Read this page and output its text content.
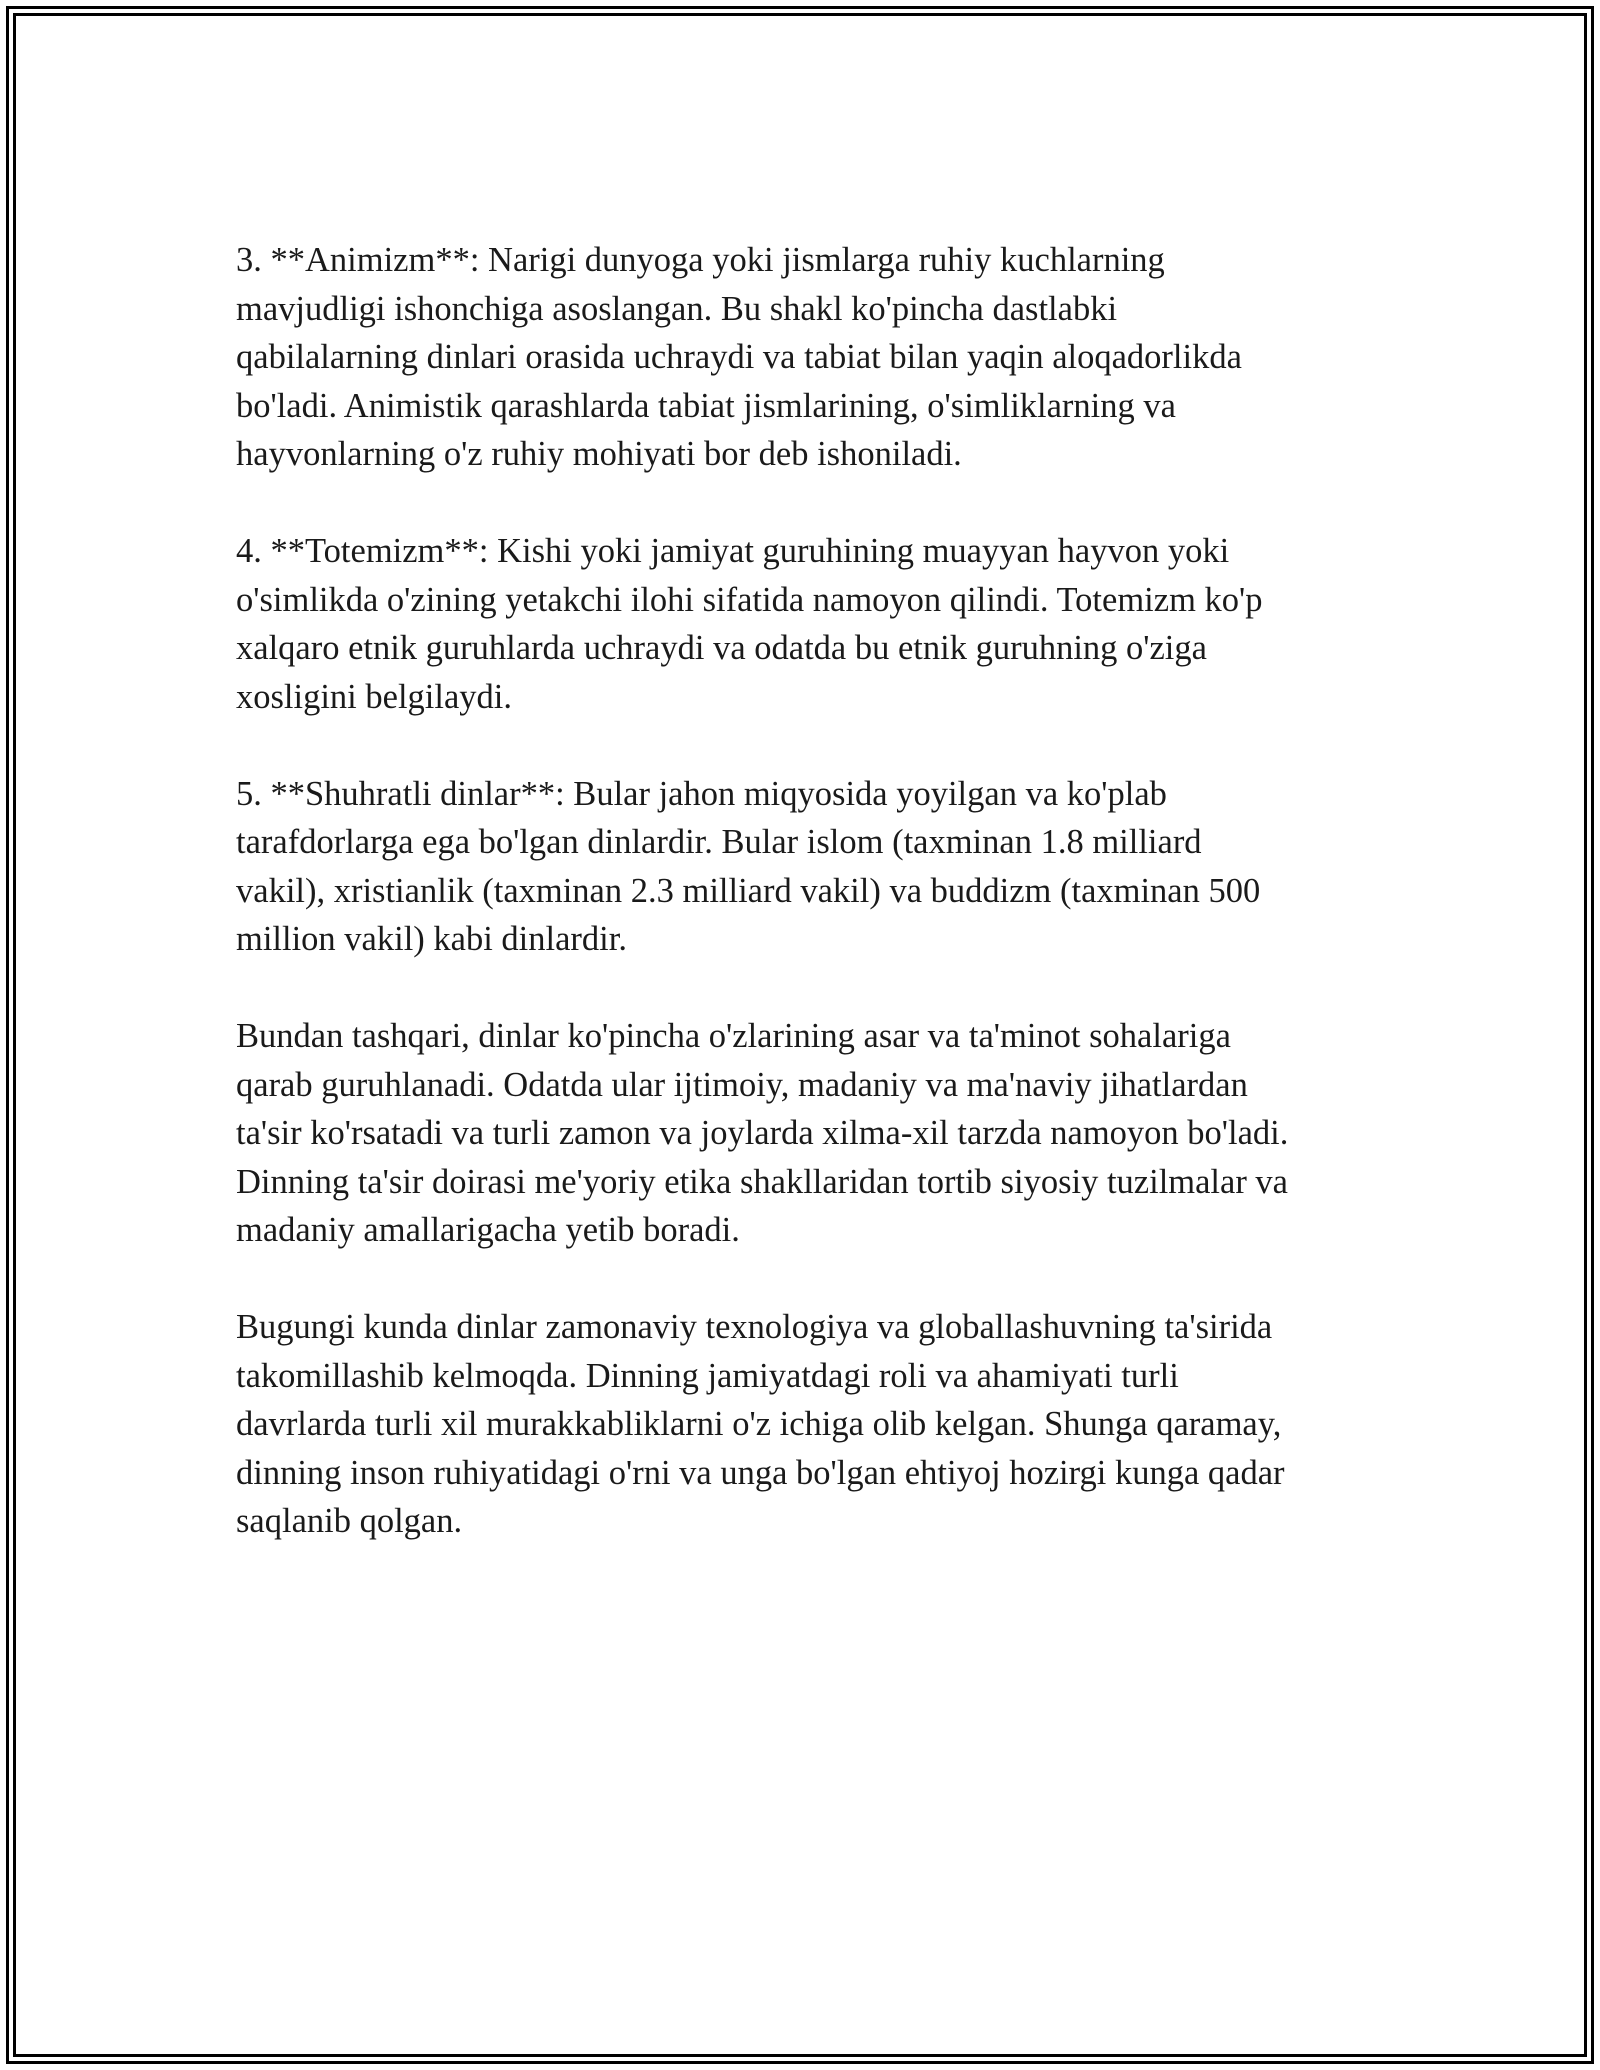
3. **Animizm**: Narigi dunyoga yoki jismlarga ruhiy kuchlarning
mavjudligi ishonchiga asoslangan. Bu shakl ko'pincha dastlabki
qabilalarning dinlari orasida uchraydi va tabiat bilan yaqin aloqadorlikda
bo'ladi. Animistik qarashlarda tabiat jismlarining, o'simliklarning va
hayvonlarning o'z ruhiy mohiyati bor deb ishoniladi.

4. **Totemizm**: Kishi yoki jamiyat guruhining muayyan hayvon yoki
o'simlikda o'zining yetakchi ilohi sifatida namoyon qilindi. Totemizm ko'p
xalqaro etnik guruhlarda uchraydi va odatda bu etnik guruhning o'ziga
xosligini belgilaydi.

5. **Shuhratli dinlar**: Bular jahon miqyosida yoyilgan va ko'plab
tarafdorlarga ega bo'lgan dinlardir. Bular islom (taxminan 1.8 milliard
vakil), xristianlik (taxminan 2.3 milliard vakil) va buddizm (taxminan 500
million vakil) kabi dinlardir.

Bundan tashqari, dinlar ko'pincha o'zlarining asar va ta'minot sohalariga
qarab guruhlanadi. Odatda ular ijtimoiy, madaniy va ma'naviy jihatlardan
ta'sir ko'rsatadi va turli zamon va joylarda xilma-xil tarzda namoyon bo'ladi.
Dinning ta'sir doirasi me'yoriy etika shakllaridan tortib siyosiy tuzilmalar va
madaniy amallarigacha yetib boradi.

Bugungi kunda dinlar zamonaviy texnologiya va globallashuvning ta'sirida
takomillashib kelmoqda. Dinning jamiyatdagi roli va ahamiyati turli
davrlarda turli xil murakkabliklarni o'z ichiga olib kelgan. Shunga qaramay,
dinning inson ruhiyatidagi o'rni va unga bo'lgan ehtiyoj hozirgi kunga qadar
saqlanib qolgan.
